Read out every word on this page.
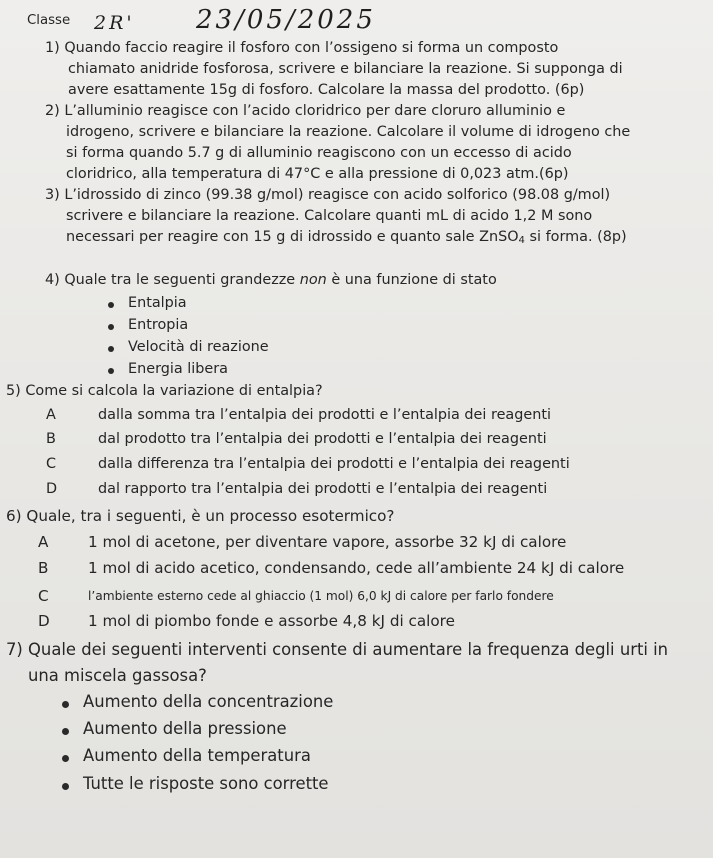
Classe 2R' 23/05/2025
1) Quando faccio reagire il fosforo con l’ossigeno si forma un composto
chiamato anidride fosforosa, scrivere e bilanciare la reazione. Si supponga di
avere esattamente 15g di fosforo. Calcolare la massa del prodotto. (6p)
2) L’alluminio reagisce con l’acido cloridrico per dare cloruro alluminio e
idrogeno, scrivere e bilanciare la reazione. Calcolare il volume di idrogeno che
si forma quando 5.7 g di alluminio reagiscono con un eccesso di acido
cloridrico, alla temperatura di 47°C e alla pressione di 0,023 atm.(6p)
3) L’idrossido di zinco (99.38 g/mol) reagisce con acido solforico (98.08 g/mol)
scrivere e bilanciare la reazione. Calcolare quanti mL di acido 1,2 M sono
necessari per reagire con 15 g di idrossido e quanto sale ZnSO$_4$ si forma. (8p)
4) Quale tra le seguenti grandezze non è una funzione di stato
Entalpia
Entropia
Velocità di reazione
Energia libera
5) Come si calcola la variazione di entalpia?
A	dalla somma tra l’entalpia dei prodotti e l’entalpia dei reagenti
B	dal prodotto tra l’entalpia dei prodotti e l’entalpia dei reagenti
C	dalla differenza tra l’entalpia dei prodotti e l’entalpia dei reagenti
D	dal rapporto tra l’entalpia dei prodotti e l’entalpia dei reagenti
6) Quale, tra i seguenti, è un processo esotermico?
A	1 mol di acetone, per diventare vapore, assorbe 32 kJ di calore
B	1 mol di acido acetico, condensando, cede all’ambiente 24 kJ di calore
C	l’ambiente esterno cede al ghiaccio (1 mol) 6,0 kJ di calore per farlo fondere
D	1 mol di piombo fonde e assorbe 4,8 kJ di calore
7) Quale dei seguenti interventi consente di aumentare la frequenza degli urti in
una miscela gassosa?
Aumento della concentrazione
Aumento della pressione
Aumento della temperatura
Tutte le risposte sono corrette
